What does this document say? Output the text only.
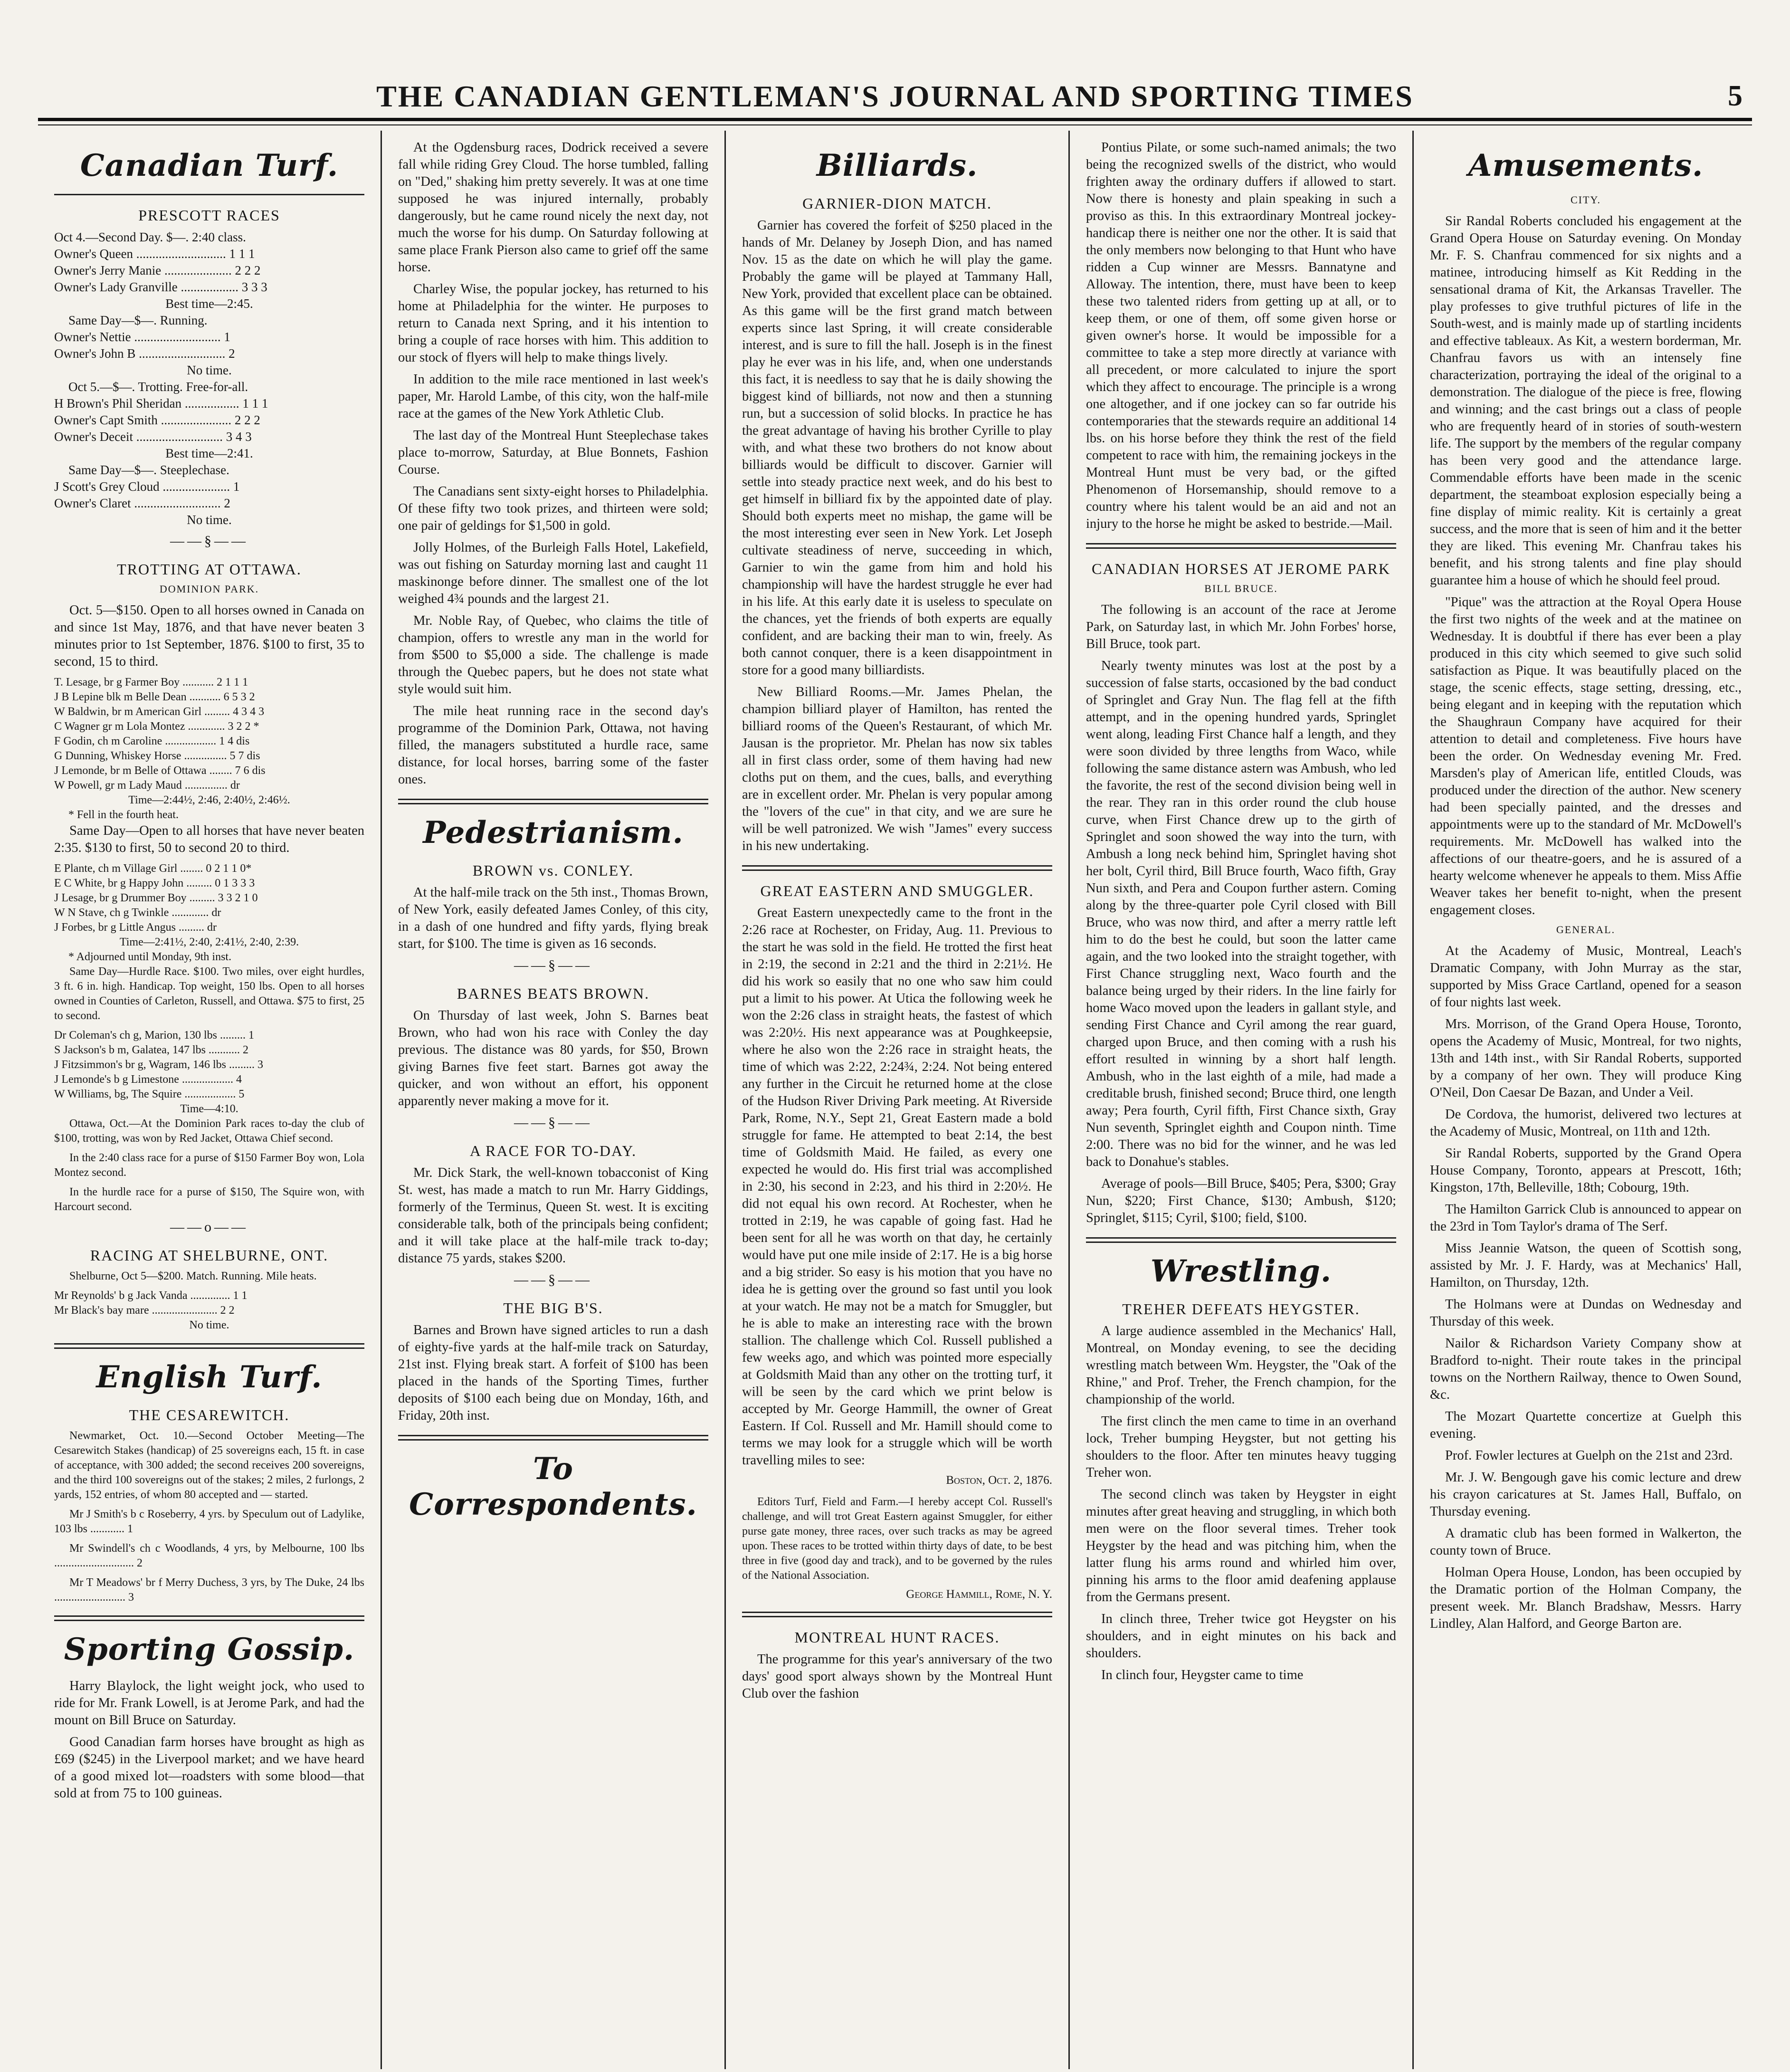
THE CANADIAN GENTLEMAN'S JOURNAL AND SPORTING TIMES	5
Canadian Turf.
PRESCOTT RACES
Oct 4.—Second Day. $—. 2:40 class.
Owner's Queen ............................ 1 1 1
Owner's Jerry Manie ..................... 2 2 2
Owner's Lady Granville .................. 3 3 3
Best time—2:45.
Same Day—$—. Running.
Owner's Nettie ........................... 1
Owner's John B ........................... 2
No time.
Oct 5.—$—. Trotting. Free-for-all.
H Brown's Phil Sheridan ................. 1 1 1
Owner's Capt Smith ...................... 2 2 2
Owner's Deceit ........................... 3 4 3
Best time—2:41.
Same Day—$—. Steeplechase.
J Scott's Grey Cloud ..................... 1
Owner's Claret ........................... 2
No time.
——§——
TROTTING AT OTTAWA.
DOMINION PARK.

Oct. 5—$150. Open to all horses owned in Canada on and since 1st May, 1876, and that have never beaten 3 minutes prior to 1st September, 1876. $100 to first, 35 to second, 15 to third.

T. Lesage, br g Farmer Boy ........... 2 1 1 1
J B Lepine blk m Belle Dean ........... 6 5 3 2
W Baldwin, br m American Girl ......... 4 3 4 3
C Wagner gr m Lola Montez ............. 3 2 2 *
F Godin, ch m Caroline .................. 1 4 dis
G Dunning, Whiskey Horse ............... 5 7 dis
J Lemonde, br m Belle of Ottawa ........ 7 6 dis
W Powell, gr m Lady Maud ............... dr
Time—2:44½, 2:46, 2:40½, 2:46½.
* Fell in the fourth heat.

Same Day—Open to all horses that have never beaten 2:35. $130 to first, 50 to second 20 to third.

E Plante, ch m Village Girl ........ 0 2 1 1 0*
E C White, br g Happy John ......... 0 1 3 3 3
J Lesage, br g Drummer Boy ......... 3 3 2 1 0
W N Stave, ch g Twinkle ............. dr
J Forbes, br g Little Angus ......... dr
Time—2:41½, 2:40, 2:41½, 2:40, 2:39.
* Adjourned until Monday, 9th inst.

Same Day—Hurdle Race. $100. Two miles, over eight hurdles, 3 ft. 6 in. high. Handicap. Top weight, 150 lbs. Open to all horses owned in Counties of Carleton, Russell, and Ottawa. $75 to first, 25 to second.

Dr Coleman's ch g, Marion, 130 lbs ......... 1
S Jackson's b m, Galatea, 147 lbs ........... 2
J Fitzsimmon's br g, Wagram, 146 lbs ......... 3
J Lemonde's b g Limestone .................. 4
W Williams, bg, The Squire .................. 5
Time—4:10.

Ottawa, Oct.—At the Dominion Park races to-day the club of $100, trotting, was won by Red Jacket, Ottawa Chief second.

In the 2:40 class race for a purse of $150 Farmer Boy won, Lola Montez second.

In the hurdle race for a purse of $150, The Squire won, with Harcourt second.

——o——
RACING AT SHELBURNE, ONT.

Shelburne, Oct 5—$200. Match. Running. Mile heats.

Mr Reynolds' b g Jack Vanda .............. 1 1
Mr Black's bay mare ....................... 2 2
No time.
English Turf.
THE CESAREWITCH.

Newmarket, Oct. 10.—Second October Meeting—The Cesarewitch Stakes (handicap) of 25 sovereigns each, 15 ft. in case of acceptance, with 300 added; the second receives 200 sovereigns, and the third 100 sovereigns out of the stakes; 2 miles, 2 furlongs, 2 yards, 152 entries, of whom 80 accepted and — started.

Mr J Smith's b c Roseberry, 4 yrs. by Speculum out of Ladylike, 103 lbs ............ 1

Mr Swindell's ch c Woodlands, 4 yrs, by Melbourne, 100 lbs ............................ 2

Mr T Meadows' br f Merry Duchess, 3 yrs, by The Duke, 24 lbs ......................... 3

Sporting Gossip.

Harry Blaylock, the light weight jock, who used to ride for Mr. Frank Lowell, is at Jerome Park, and had the mount on Bill Bruce on Saturday.

Good Canadian farm horses have brought as high as £69 ($245) in the Liverpool market; and we have heard of a good mixed lot—roadsters with some blood—that sold at from 75 to 100 guineas.

At the Ogdensburg races, Dodrick received a severe fall while riding Grey Cloud. The horse tumbled, falling on "Ded," shaking him pretty severely. It was at one time supposed he was injured internally, probably dangerously, but he came round nicely the next day, not much the worse for his dump. On Saturday following at same place Frank Pierson also came to grief off the same horse.

Charley Wise, the popular jockey, has returned to his home at Philadelphia for the winter. He purposes to return to Canada next Spring, and it his intention to bring a couple of race horses with him. This addition to our stock of flyers will help to make things lively.

In addition to the mile race mentioned in last week's paper, Mr. Harold Lambe, of this city, won the half-mile race at the games of the New York Athletic Club.

The last day of the Montreal Hunt Steeplechase takes place to-morrow, Saturday, at Blue Bonnets, Fashion Course.

The Canadians sent sixty-eight horses to Philadelphia. Of these fifty two took prizes, and thirteen were sold; one pair of geldings for $1,500 in gold.

Jolly Holmes, of the Burleigh Falls Hotel, Lakefield, was out fishing on Saturday morning last and caught 11 maskinonge before dinner. The smallest one of the lot weighed 4¾ pounds and the largest 21.

Mr. Noble Ray, of Quebec, who claims the title of champion, offers to wrestle any man in the world for from $500 to $5,000 a side. The challenge is made through the Quebec papers, but he does not state what style would suit him.

The mile heat running race in the second day's programme of the Dominion Park, Ottawa, not having filled, the managers substituted a hurdle race, same distance, for local horses, barring some of the faster ones.

Pedestrianism.
BROWN vs. CONLEY.

At the half-mile track on the 5th inst., Thomas Brown, of New York, easily defeated James Conley, of this city, in a dash of one hundred and fifty yards, flying break start, for $100. The time is given as 16 seconds.

——§——
BARNES BEATS BROWN.

On Thursday of last week, John S. Barnes beat Brown, who had won his race with Conley the day previous. The distance was 80 yards, for $50, Brown giving Barnes five feet start. Barnes got away the quicker, and won without an effort, his opponent apparently never making a move for it.

——§——
A RACE FOR TO-DAY.

Mr. Dick Stark, the well-known tobacconist of King St. west, has made a match to run Mr. Harry Giddings, formerly of the Terminus, Queen St. west. It is exciting considerable talk, both of the principals being confident; and it will take place at the half-mile track to-day; distance 75 yards, stakes $200.

——§——
THE BIG B'S.

Barnes and Brown have signed articles to run a dash of eighty-five yards at the half-mile track on Saturday, 21st inst. Flying break start. A forfeit of $100 has been placed in the hands of the Sporting Times, further deposits of $100 each being due on Monday, 16th, and Friday, 20th inst.

To Correspondents.
Billiards.
GARNIER-DION MATCH.

Garnier has covered the forfeit of $250 placed in the hands of Mr. Delaney by Joseph Dion, and has named Nov. 15 as the date on which he will play the game. Probably the game will be played at Tammany Hall, New York, provided that excellent place can be obtained. As this game will be the first grand match between experts since last Spring, it will create considerable interest, and is sure to fill the hall. Joseph is in the finest play he ever was in his life, and, when one understands this fact, it is needless to say that he is daily showing the biggest kind of billiards, not now and then a stunning run, but a succession of solid blocks. In practice he has the great advantage of having his brother Cyrille to play with, and what these two brothers do not know about billiards would be difficult to discover. Garnier will settle into steady practice next week, and do his best to get himself in billiard fix by the appointed date of play. Should both experts meet no mishap, the game will be the most interesting ever seen in New York. Let Joseph cultivate steadiness of nerve, succeeding in which, Garnier to win the game from him and hold his championship will have the hardest struggle he ever had in his life. At this early date it is useless to speculate on the chances, yet the friends of both experts are equally confident, and are backing their man to win, freely. As both cannot conquer, there is a keen disappointment in store for a good many billiardists.

New Billiard Rooms.—Mr. James Phelan, the champion billiard player of Hamilton, has rented the billiard rooms of the Queen's Restaurant, of which Mr. Jausan is the proprietor. Mr. Phelan has now six tables all in first class order, some of them having had new cloths put on them, and the cues, balls, and everything are in excellent order. Mr. Phelan is very popular among the "lovers of the cue" in that city, and we are sure he will be well patronized. We wish "James" every success in his new undertaking.

GREAT EASTERN AND SMUGGLER.

Great Eastern unexpectedly came to the front in the 2:26 race at Rochester, on Friday, Aug. 11. Previous to the start he was sold in the field. He trotted the first heat in 2:19, the second in 2:21 and the third in 2:21½. He did his work so easily that no one who saw him could put a limit to his power. At Utica the following week he won the 2:26 class in straight heats, the fastest of which was 2:20½. His next appearance was at Poughkeepsie, where he also won the 2:26 race in straight heats, the time of which was 2:22, 2:24¾, 2:24. Not being entered any further in the Circuit he returned home at the close of the Hudson River Driving Park meeting. At Riverside Park, Rome, N.Y., Sept 21, Great Eastern made a bold struggle for fame. He attempted to beat 2:14, the best time of Goldsmith Maid. He failed, as every one expected he would do. His first trial was accomplished in 2:30, his second in 2:23, and his third in 2:20½. He did not equal his own record. At Rochester, when he trotted in 2:19, he was capable of going fast. Had he been sent for all he was worth on that day, he certainly would have put one mile inside of 2:17. He is a big horse and a big strider. So easy is his motion that you have no idea he is getting over the ground so fast until you look at your watch. He may not be a match for Smuggler, but he is able to make an interesting race with the brown stallion. The challenge which Col. Russell published a few weeks ago, and which was pointed more especially at Goldsmith Maid than any other on the trotting turf, it will be seen by the card which we print below is accepted by Mr. George Hammill, the owner of Great Eastern. If Col. Russell and Mr. Hamill should come to terms we may look for a struggle which will be worth travelling miles to see:

Boston, Oct. 2, 1876.

Editors Turf, Field and Farm.—I hereby accept Col. Russell's challenge, and will trot Great Eastern against Smuggler, for either purse gate money, three races, over such tracks as may be agreed upon. These races to be trotted within thirty days of date, to be best three in five (good day and track), and to be governed by the rules of the National Association.

George Hammill, Rome, N. Y.
MONTREAL HUNT RACES.

The programme for this year's anniversary of the two days' good sport always shown by the Montreal Hunt Club over the fashion

Pontius Pilate, or some such-named animals; the two being the recognized swells of the district, who would frighten away the ordinary duffers if allowed to start. Now there is honesty and plain speaking in such a proviso as this. In this extraordinary Montreal jockey-handicap there is neither one nor the other. It is said that the only members now belonging to that Hunt who have ridden a Cup winner are Messrs. Bannatyne and Alloway. The intention, there, must have been to keep these two talented riders from getting up at all, or to keep them, or one of them, off some given horse or given owner's horse. It would be impossible for a committee to take a step more directly at variance with all precedent, or more calculated to injure the sport which they affect to encourage. The principle is a wrong one altogether, and if one jockey can so far outride his contemporaries that the stewards require an additional 14 lbs. on his horse before they think the rest of the field competent to race with him, the remaining jockeys in the Montreal Hunt must be very bad, or the gifted Phenomenon of Horsemanship, should remove to a country where his talent would be an aid and not an injury to the horse he might be asked to bestride.—Mail.

CANADIAN HORSES AT JEROME PARK
BILL BRUCE.

The following is an account of the race at Jerome Park, on Saturday last, in which Mr. John Forbes' horse, Bill Bruce, took part.

Nearly twenty minutes was lost at the post by a succession of false starts, occasioned by the bad conduct of Springlet and Gray Nun. The flag fell at the fifth attempt, and in the opening hundred yards, Springlet went along, leading First Chance half a length, and they were soon divided by three lengths from Waco, while following the same distance astern was Ambush, who led the favorite, the rest of the second division being well in the rear. They ran in this order round the club house curve, when First Chance drew up to the girth of Springlet and soon showed the way into the turn, with Ambush a long neck behind him, Springlet having shot her bolt, Cyril third, Bill Bruce fourth, Waco fifth, Gray Nun sixth, and Pera and Coupon further astern. Coming along by the three-quarter pole Cyril closed with Bill Bruce, who was now third, and after a merry rattle left him to do the best he could, but soon the latter came again, and the two looked into the straight together, with First Chance struggling next, Waco fourth and the balance being urged by their riders. In the line fairly for home Waco moved upon the leaders in gallant style, and sending First Chance and Cyril among the rear guard, charged upon Bruce, and then coming with a rush his effort resulted in winning by a short half length. Ambush, who in the last eighth of a mile, had made a creditable brush, finished second; Bruce third, one length away; Pera fourth, Cyril fifth, First Chance sixth, Gray Nun seventh, Springlet eighth and Coupon ninth. Time 2:00. There was no bid for the winner, and he was led back to Donahue's stables.

Average of pools—Bill Bruce, $405; Pera, $300; Gray Nun, $220; First Chance, $130; Ambush, $120; Springlet, $115; Cyril, $100; field, $100.

Wrestling.
TREHER DEFEATS HEYGSTER.

A large audience assembled in the Mechanics' Hall, Montreal, on Monday evening, to see the deciding wrestling match between Wm. Heygster, the "Oak of the Rhine," and Prof. Treher, the French champion, for the championship of the world.

The first clinch the men came to time in an overhand lock, Treher bumping Heygster, but not getting his shoulders to the floor. After ten minutes heavy tugging Treher won.

The second clinch was taken by Heygster in eight minutes after great heaving and struggling, in which both men were on the floor several times. Treher took Heygster by the head and was pitching him, when the latter flung his arms round and whirled him over, pinning his arms to the floor amid deafening applause from the Germans present.

In clinch three, Treher twice got Heygster on his shoulders, and in eight minutes on his back and shoulders.

In clinch four, Heygster came to time

Amusements.
CITY.

Sir Randal Roberts concluded his engagement at the Grand Opera House on Saturday evening. On Monday Mr. F. S. Chanfrau commenced for six nights and a matinee, introducing himself as Kit Redding in the sensational drama of Kit, the Arkansas Traveller. The play professes to give truthful pictures of life in the South-west, and is mainly made up of startling incidents and effective tableaux. As Kit, a western borderman, Mr. Chanfrau favors us with an intensely fine characterization, portraying the ideal of the original to a demonstration. The dialogue of the piece is free, flowing and winning; and the cast brings out a class of people who are frequently heard of in stories of south-western life. The support by the members of the regular company has been very good and the attendance large. Commendable efforts have been made in the scenic department, the steamboat explosion especially being a fine display of mimic reality. Kit is certainly a great success, and the more that is seen of him and it the better they are liked. This evening Mr. Chanfrau takes his benefit, and his strong talents and fine play should guarantee him a house of which he should feel proud.

"Pique" was the attraction at the Royal Opera House the first two nights of the week and at the matinee on Wednesday. It is doubtful if there has ever been a play produced in this city which seemed to give such solid satisfaction as Pique. It was beautifully placed on the stage, the scenic effects, stage setting, dressing, etc., being elegant and in keeping with the reputation which the Shaughraun Company have acquired for their attention to detail and completeness. Five hours have been the order. On Wednesday evening Mr. Fred. Marsden's play of American life, entitled Clouds, was produced under the direction of the author. New scenery had been specially painted, and the dresses and appointments were up to the standard of Mr. McDowell's requirements. Mr. McDowell has walked into the affections of our theatre-goers, and he is assured of a hearty welcome whenever he appeals to them. Miss Affie Weaver takes her benefit to-night, when the present engagement closes.

GENERAL.

At the Academy of Music, Montreal, Leach's Dramatic Company, with John Murray as the star, supported by Miss Grace Cartland, opened for a season of four nights last week.

Mrs. Morrison, of the Grand Opera House, Toronto, opens the Academy of Music, Montreal, for two nights, 13th and 14th inst., with Sir Randal Roberts, supported by a company of her own. They will produce King O'Neil, Don Caesar De Bazan, and Under a Veil.

De Cordova, the humorist, delivered two lectures at the Academy of Music, Montreal, on 11th and 12th.

Sir Randal Roberts, supported by the Grand Opera House Company, Toronto, appears at Prescott, 16th; Kingston, 17th, Belleville, 18th; Cobourg, 19th.

The Hamilton Garrick Club is announced to appear on the 23rd in Tom Taylor's drama of The Serf.

Miss Jeannie Watson, the queen of Scottish song, assisted by Mr. J. F. Hardy, was at Mechanics' Hall, Hamilton, on Thursday, 12th.

The Holmans were at Dundas on Wednesday and Thursday of this week.

Nailor & Richardson Variety Company show at Bradford to-night. Their route takes in the principal towns on the Northern Railway, thence to Owen Sound, &c.

The Mozart Quartette concertize at Guelph this evening.

Prof. Fowler lectures at Guelph on the 21st and 23rd.

Mr. J. W. Bengough gave his comic lecture and drew his crayon caricatures at St. James Hall, Buffalo, on Thursday evening.

A dramatic club has been formed in Walkerton, the county town of Bruce.

Holman Opera House, London, has been occupied by the Dramatic portion of the Holman Company, the present week. Mr. Blanch Bradshaw, Messrs. Harry Lindley, Alan Halford, and George Barton are.
